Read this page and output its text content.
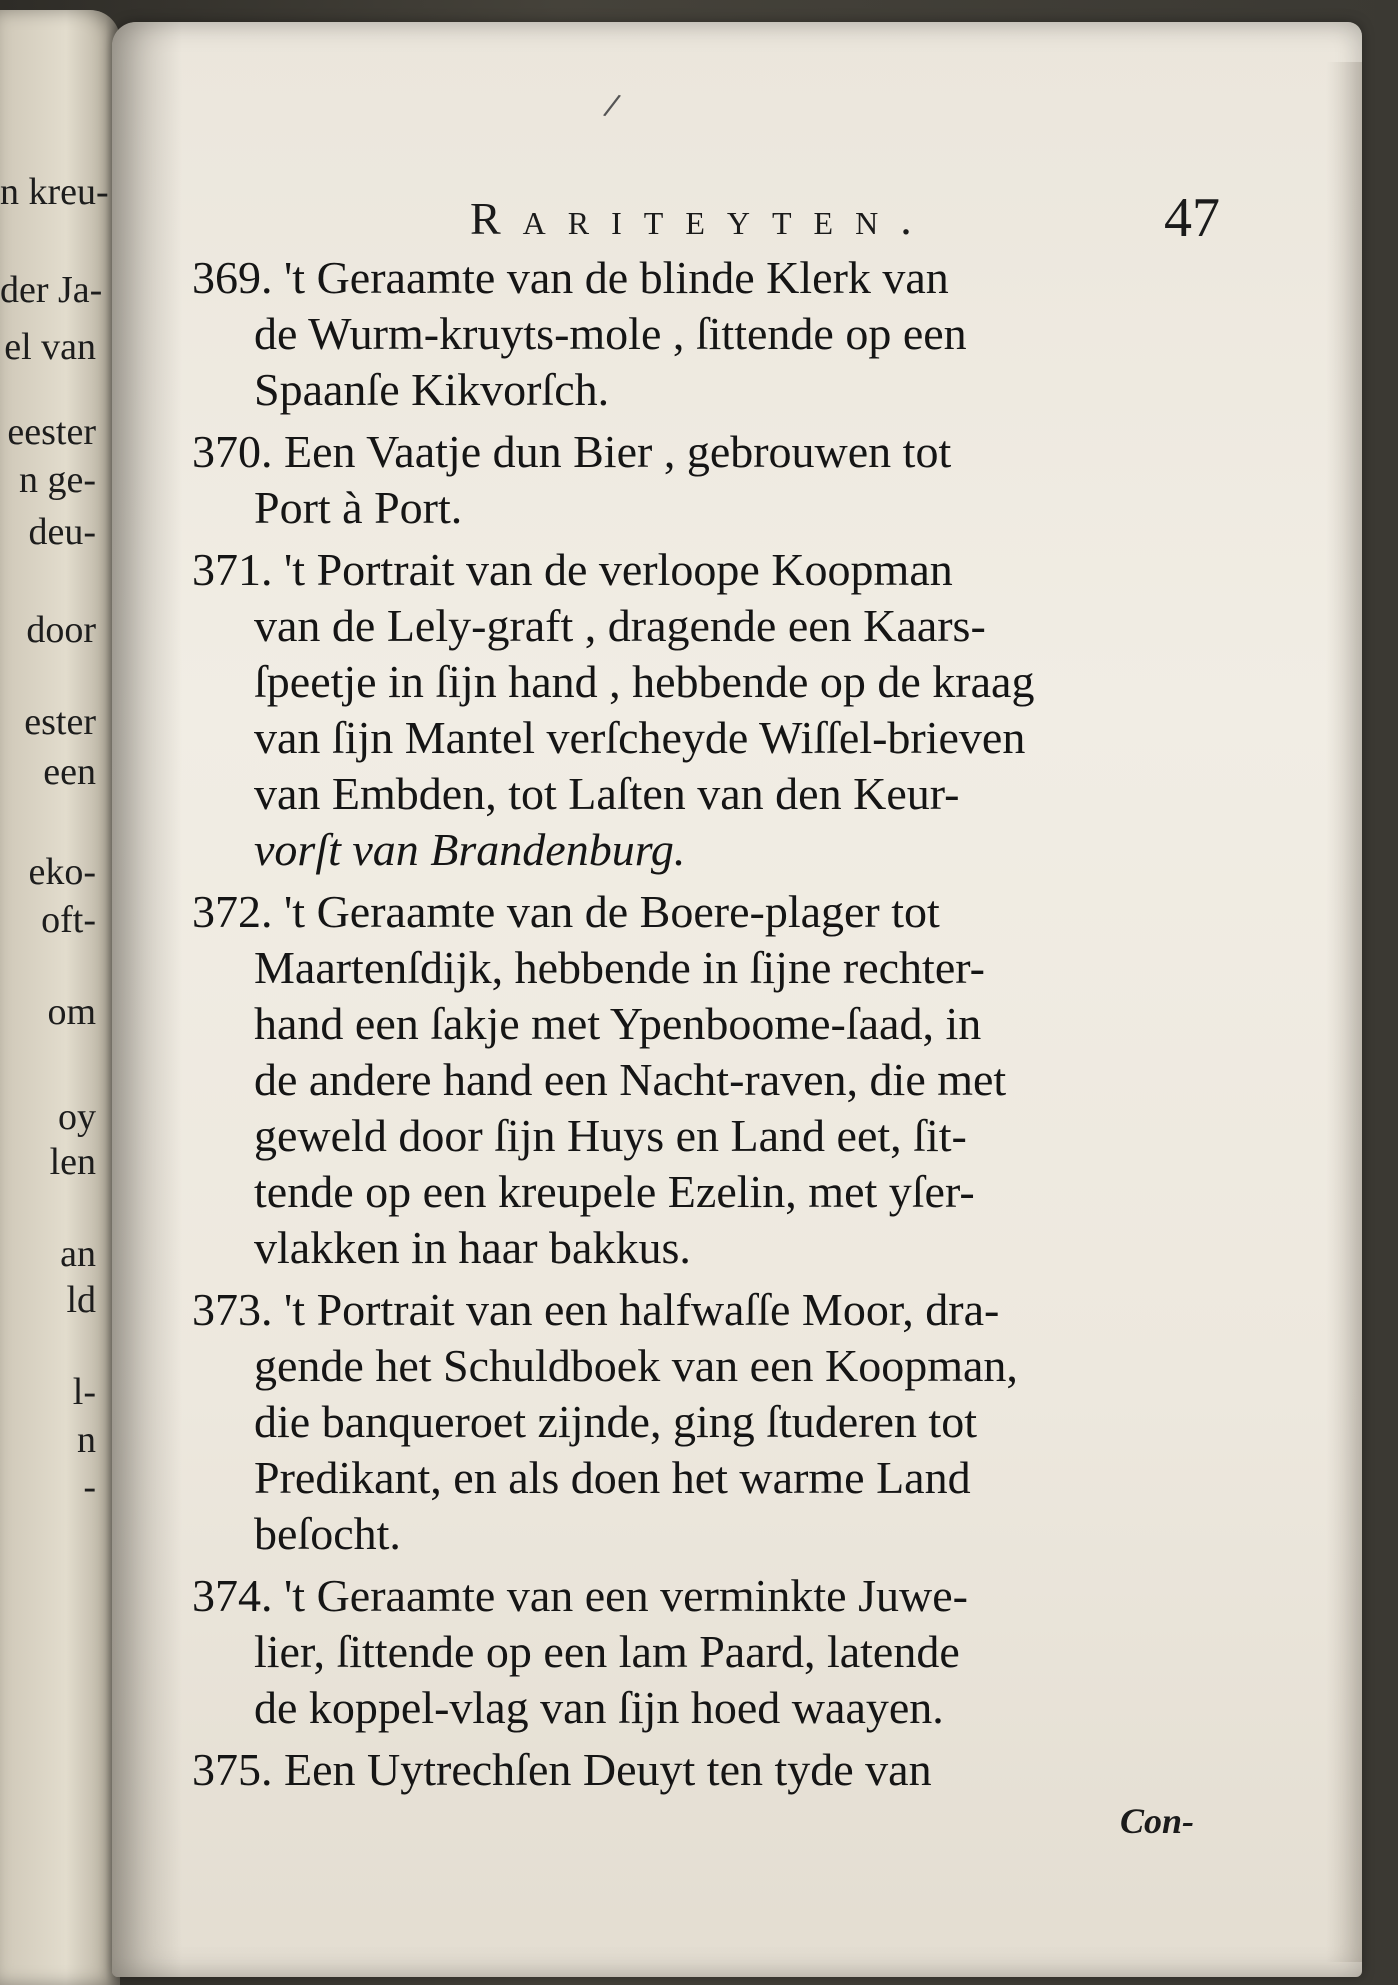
n kreu-

der Ja-

el van

eester

n ge-

deu-

door

ester

een

eko-

oft-

om

oy

len

an

ld

l-

n

-

/
Rariteyten.	47
369. 't Geraamte van de blinde Klerk van
de Wurm-kruyts-mole , ſittende op een
Spaanſe Kikvorſch.
370. Een Vaatje dun Bier , gebrouwen tot
Port à Port.
371. 't Portrait van de verloope Koopman
van de Lely-graft , dragende een Kaars-
ſpeetje in ſijn hand , hebbende op de kraag
van ſijn Mantel verſcheyde Wiſſel-brieven
van Embden, tot Laſten van den Keur-
vorſt van Brandenburg.
372. 't Geraamte van de Boere-plager tot
Maartenſdijk, hebbende in ſijne rechter-
hand een ſakje met Ypenboome-ſaad, in
de andere hand een Nacht-raven, die met
geweld door ſijn Huys en Land eet, ſit-
tende op een kreupele Ezelin, met yſer-
vlakken in haar bakkus.
373. 't Portrait van een halfwaſſe Moor, dra-
gende het Schuldboek van een Koopman,
die banqueroet zijnde, ging ſtuderen tot
Predikant, en als doen het warme Land
beſocht.
374. 't Geraamte van een verminkte Juwe-
lier, ſittende op een lam Paard, latende
de koppel-vlag van ſijn hoed waayen.
375. Een Uytrechſen Deuyt ten tyde van
Con-
